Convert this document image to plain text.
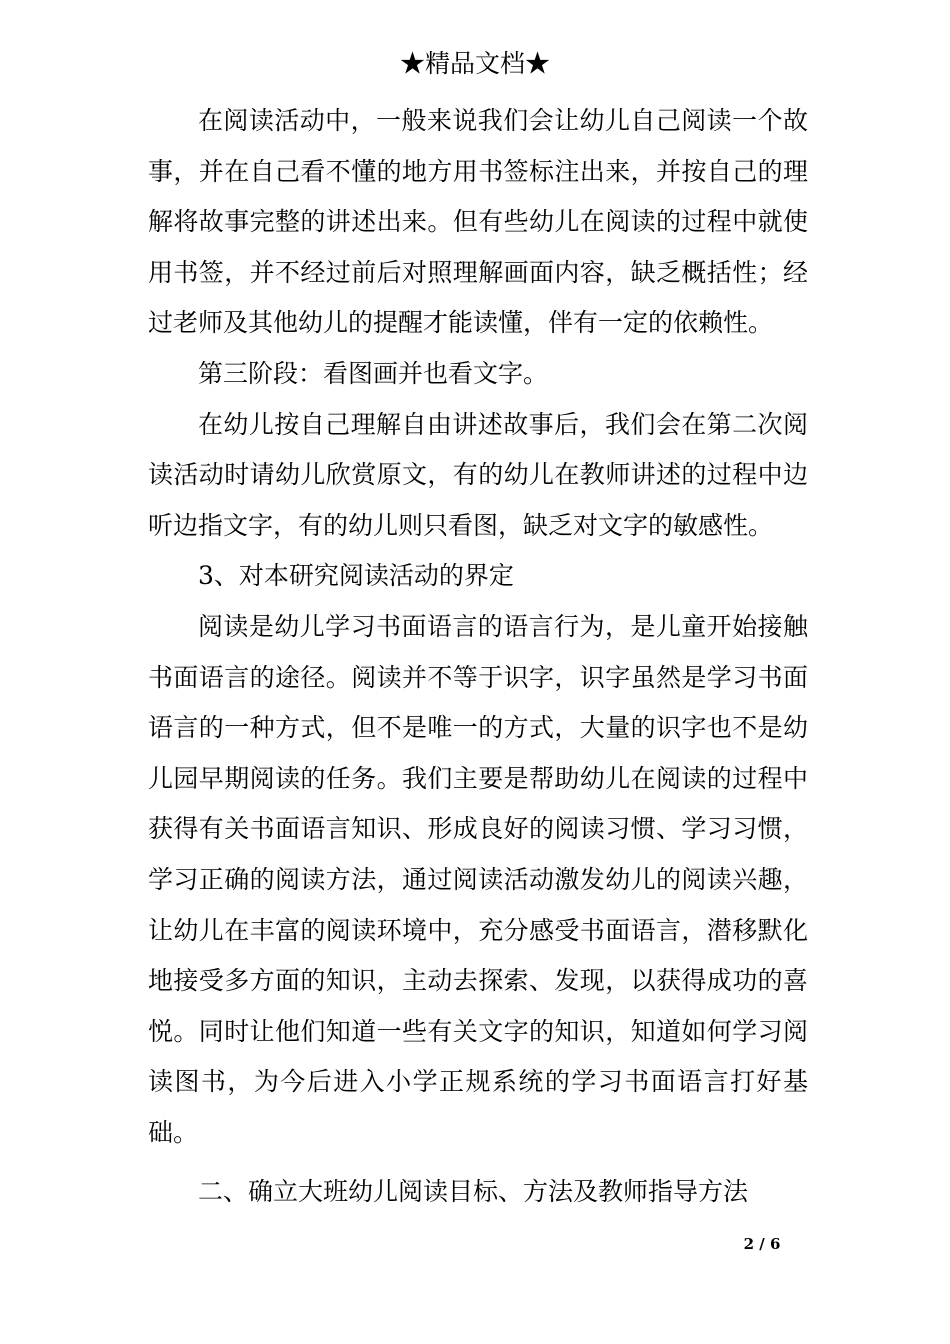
★精品文档★

在阅读活动中，一般来说我们会让幼儿自己阅读一个故事，并在自己看不懂的地方用书签标注出来，并按自己的理解将故事完整的讲述出来。但有些幼儿在阅读的过程中就使用书签，并不经过前后对照理解画面内容，缺乏概括性；经过老师及其他幼儿的提醒才能读懂，伴有一定的依赖性。

第三阶段：看图画并也看文字。

在幼儿按自己理解自由讲述故事后，我们会在第二次阅读活动时请幼儿欣赏原文，有的幼儿在教师讲述的过程中边听边指文字，有的幼儿则只看图，缺乏对文字的敏感性。

3、对本研究阅读活动的界定

阅读是幼儿学习书面语言的语言行为，是儿童开始接触书面语言的途径。阅读并不等于识字，识字虽然是学习书面语言的一种方式，但不是唯一的方式，大量的识字也不是幼儿园早期阅读的任务。我们主要是帮助幼儿在阅读的过程中获得有关书面语言知识、形成良好的阅读习惯、学习习惯，学习正确的阅读方法，通过阅读活动激发幼儿的阅读兴趣，让幼儿在丰富的阅读环境中，充分感受书面语言，潜移默化地接受多方面的知识，主动去探索、发现，以获得成功的喜悦。同时让他们知道一些有关文字的知识，知道如何学习阅读图书，为今后进入小学正规系统的学习书面语言打好基础。

二、确立大班幼儿阅读目标、方法及教师指导方法

2 / 6
